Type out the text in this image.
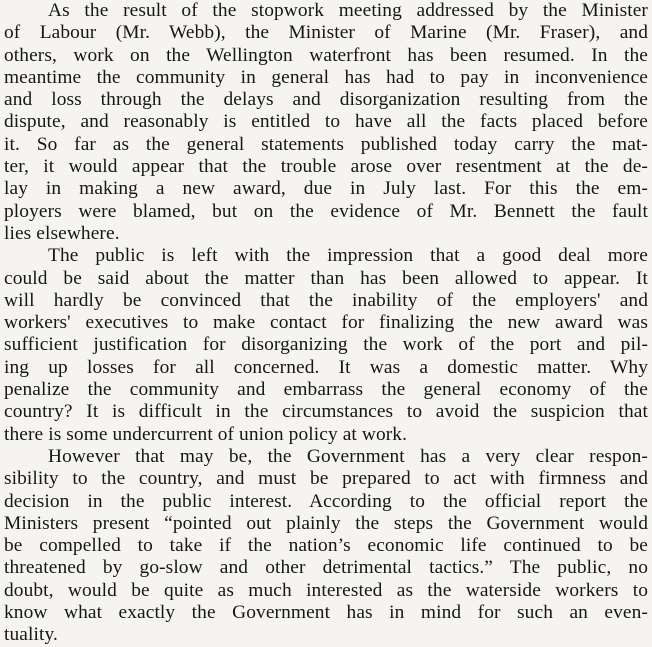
As the result of the stopwork meeting addressed by the Minister
of Labour (Mr. Webb), the Minister of Marine (Mr. Fraser), and
others, work on the Wellington waterfront has been resumed. In the
meantime the community in general has had to pay in inconvenience
and loss through the delays and disorganization resulting from the
dispute, and reasonably is entitled to have all the facts placed before
it. So far as the general statements published today carry the mat-
ter, it would appear that the trouble arose over resentment at the de-
lay in making a new award, due in July last. For this the em-
ployers were blamed, but on the evidence of Mr. Bennett the fault
lies elsewhere.
The public is left with the impression that a good deal more
could be said about the matter than has been allowed to appear. It
will hardly be convinced that the inability of the employers' and
workers' executives to make contact for finalizing the new award was
sufficient justification for disorganizing the work of the port and pil-
ing up losses for all concerned. It was a domestic matter. Why
penalize the community and embarrass the general economy of the
country? It is difficult in the circumstances to avoid the suspicion that
there is some undercurrent of union policy at work.
However that may be, the Government has a very clear respon-
sibility to the country, and must be prepared to act with firmness and
decision in the public interest. According to the official report the
Ministers present “pointed out plainly the steps the Government would
be compelled to take if the nation’s economic life continued to be
threatened by go-slow and other detrimental tactics.” The public, no
doubt, would be quite as much interested as the waterside workers to
know what exactly the Government has in mind for such an even-
tuality.
